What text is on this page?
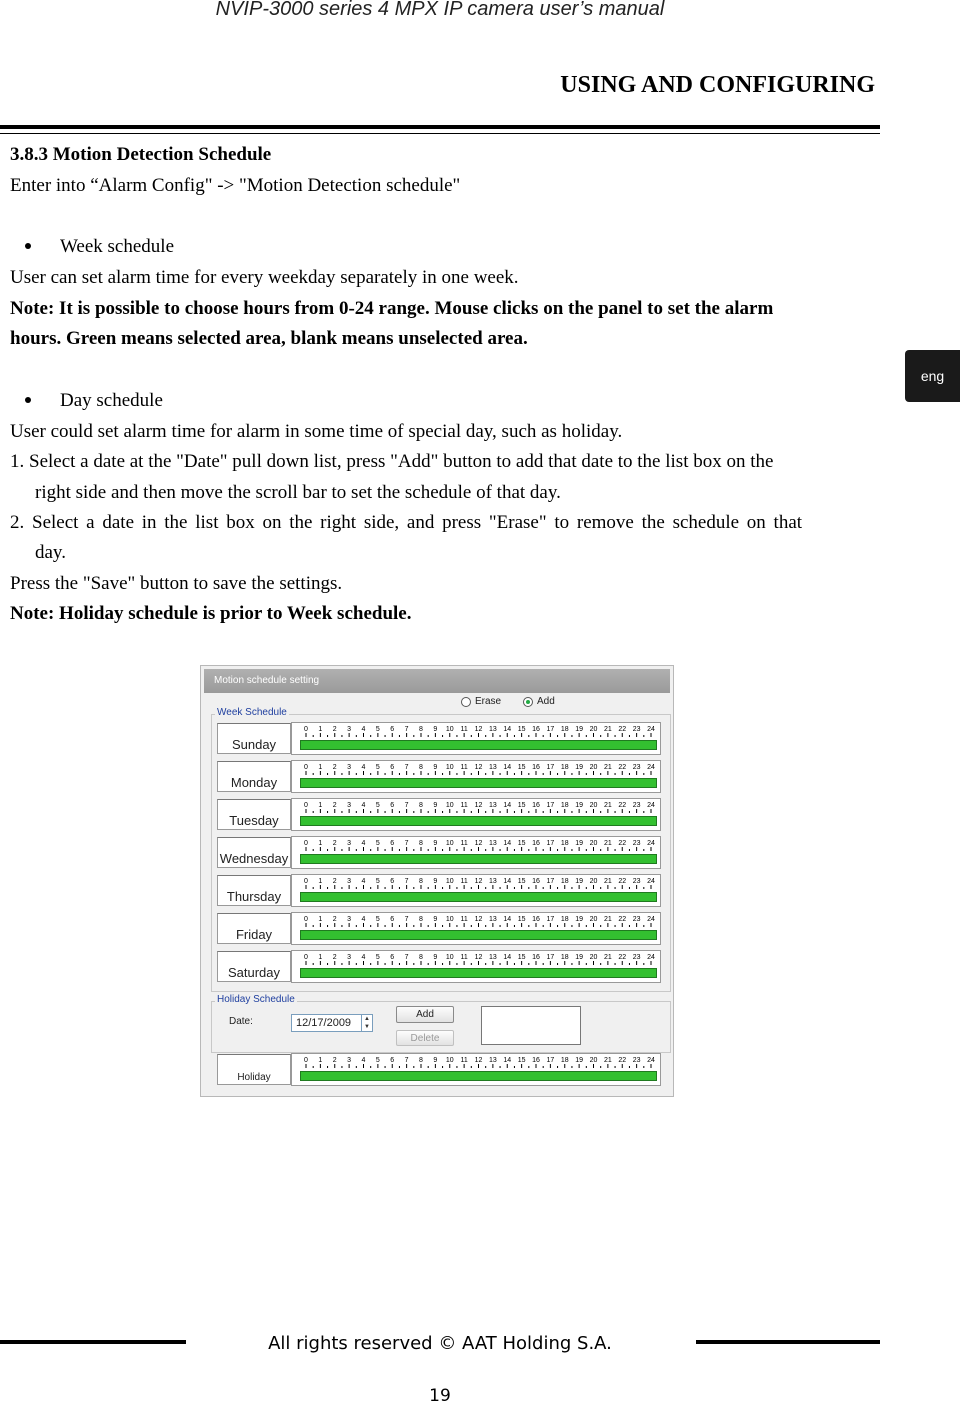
NVIP-3000 series 4 MPX IP camera user’s manual
USING AND CONFIGURING
eng
3.8.3 Motion Detection Schedule
Enter into “Alarm Config" -> "Motion Detection schedule"
Week schedule
User can set alarm time for every weekday separately in one week.
Note: It is possible to choose hours from 0-24 range. Mouse clicks on the panel to set the alarm
hours. Green means selected area, blank means unselected area.
Day schedule
User could set alarm time for alarm in some time of special day, such as holiday.
1. Select a date at the "Date" pull down list, press "Add" button to add that date to the list box on the
right side and then move the scroll bar to set the schedule of that day.
2. Select a date in the list box on the right side, and press "Erase" to remove the schedule on that
day.
Press the "Save" button to save the settings.
Note: Holiday schedule is prior to Week schedule.
Motion schedule setting
Erase	Add
Week Schedule
Sunday
0 1 2 3 4 5 6 7 8 9 10 11 12 13 14 15 16 17 18 19 20 21 22 23 24
Monday
0 1 2 3 4 5 6 7 8 9 10 11 12 13 14 15 16 17 18 19 20 21 22 23 24
Tuesday
0 1 2 3 4 5 6 7 8 9 10 11 12 13 14 15 16 17 18 19 20 21 22 23 24
Wednesday
0 1 2 3 4 5 6 7 8 9 10 11 12 13 14 15 16 17 18 19 20 21 22 23 24
Thursday
0 1 2 3 4 5 6 7 8 9 10 11 12 13 14 15 16 17 18 19 20 21 22 23 24
Friday
0 1 2 3 4 5 6 7 8 9 10 11 12 13 14 15 16 17 18 19 20 21 22 23 24
Saturday
0 1 2 3 4 5 6 7 8 9 10 11 12 13 14 15 16 17 18 19 20 21 22 23 24
Holiday Schedule
Date:	12/17/2009	▲
▼
Add
Delete
Holiday
0 1 2 3 4 5 6 7 8 9 10 11 12 13 14 15 16 17 18 19 20 21 22 23 24
All rights reserved © AAT Holding S.A.
19
